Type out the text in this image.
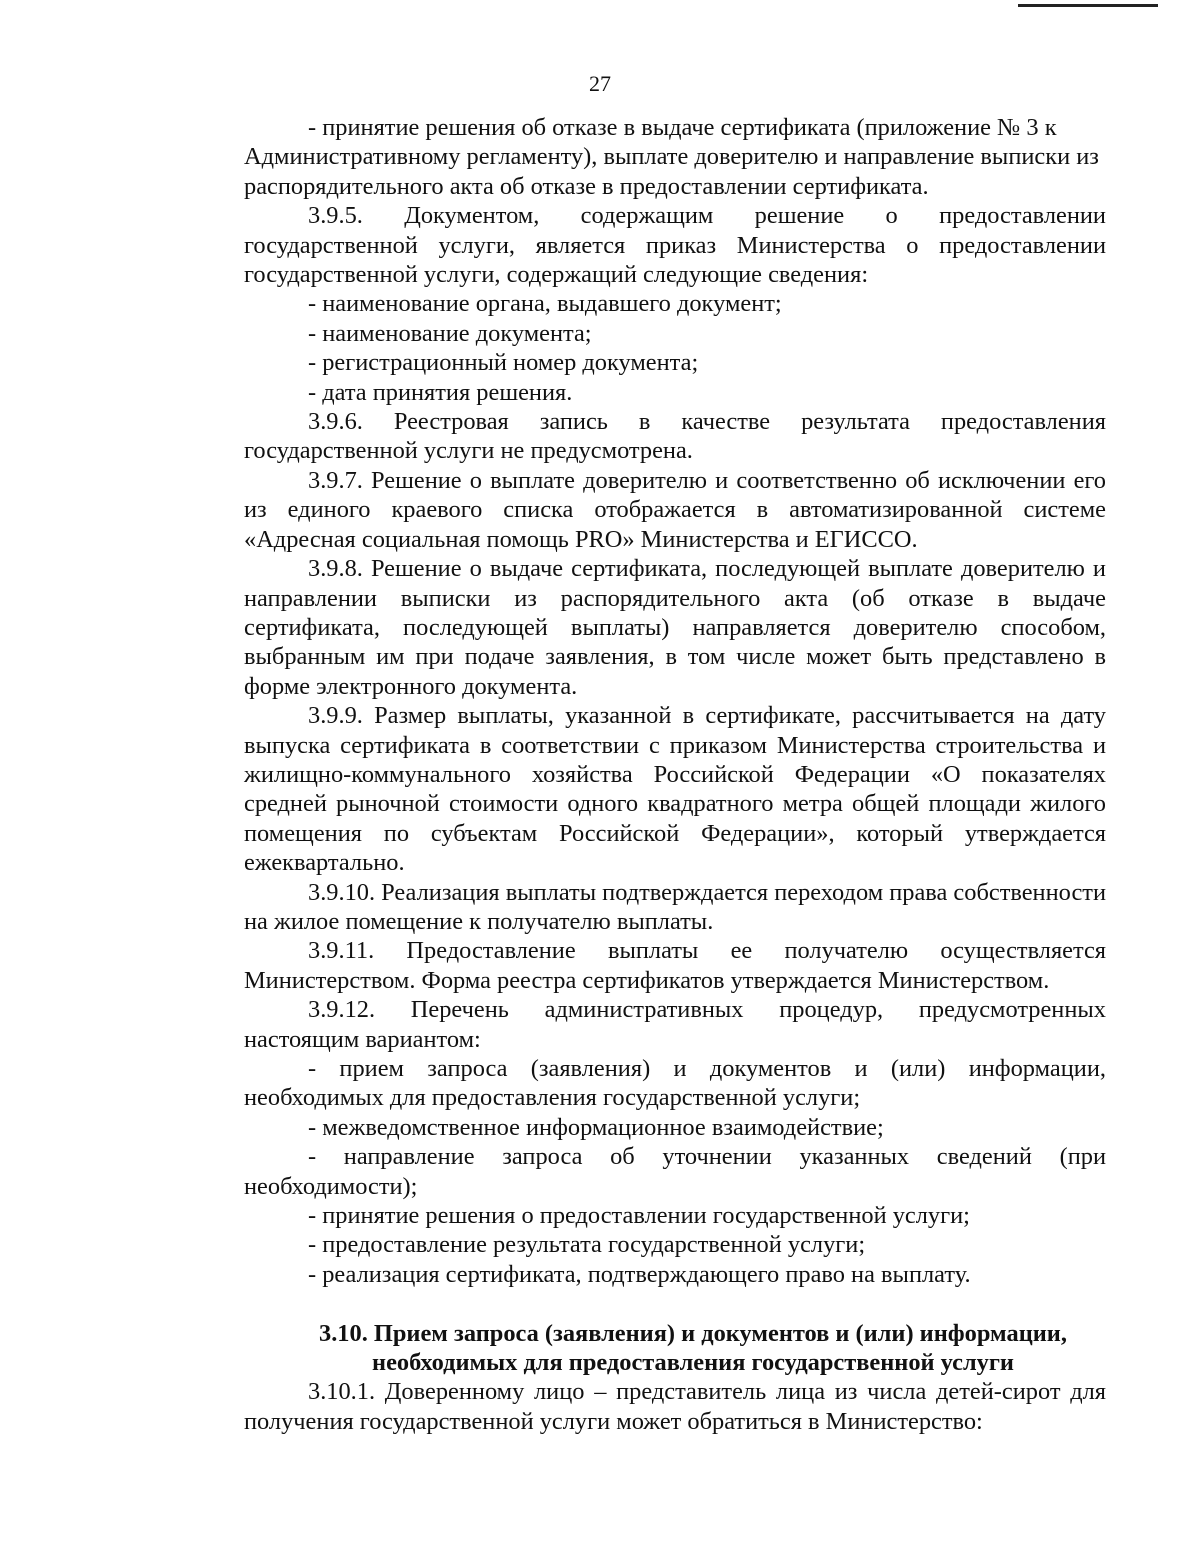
27

- принятие решения об отказе в выдаче сертификата (приложение № 3 к Административному регламенту), выплате доверителю и направление выписки из распорядительного акта об отказе в предоставлении сертификата.

3.9.5. Документом, содержащим решение о предоставлении государственной услуги, является приказ Министерства о предоставлении государственной услуги, содержащий следующие сведения:

- наименование органа, выдавшего документ;

- наименование документа;

- регистрационный номер документа;

- дата принятия решения.

3.9.6. Реестровая запись в качестве результата предоставления государственной услуги не предусмотрена.

3.9.7. Решение о выплате доверителю и соответственно об исключении его из единого краевого списка отображается в автоматизированной системе «Адресная социальная помощь PRO» Министерства и ЕГИССО.

3.9.8. Решение о выдаче сертификата, последующей выплате доверителю и направлении выписки из распорядительного акта (об отказе в выдаче сертификата, последующей выплаты) направляется доверителю способом, выбранным им при подаче заявления, в том числе может быть представлено в форме электронного документа.

3.9.9. Размер выплаты, указанной в сертификате, рассчитывается на дату выпуска сертификата в соответствии с приказом Министерства строительства и жилищно-коммунального хозяйства Российской Федерации «О показателях средней рыночной стоимости одного квадратного метра общей площади жилого помещения по субъектам Российской Федерации», который утверждается ежеквартально.

3.9.10. Реализация выплаты подтверждается переходом права собственности на жилое помещение к получателю выплаты.

3.9.11. Предоставление выплаты ее получателю осуществляется Министерством. Форма реестра сертификатов утверждается Министерством.

3.9.12. Перечень административных процедур, предусмотренных настоящим вариантом:

- прием запроса (заявления) и документов и (или) информации, необходимых для предоставления государственной услуги;

- межведомственное информационное взаимодействие;

- направление запроса об уточнении указанных сведений (при необходимости);

- принятие решения о предоставлении государственной услуги;

- предоставление результата государственной услуги;

- реализация сертификата, подтверждающего право на выплату.

3.10. Прием запроса (заявления) и документов и (или) информации,

необходимых для предоставления государственной услуги

3.10.1. Доверенному лицо – представитель лица из числа детей-сирот для получения государственной услуги может обратиться в Министерство:
